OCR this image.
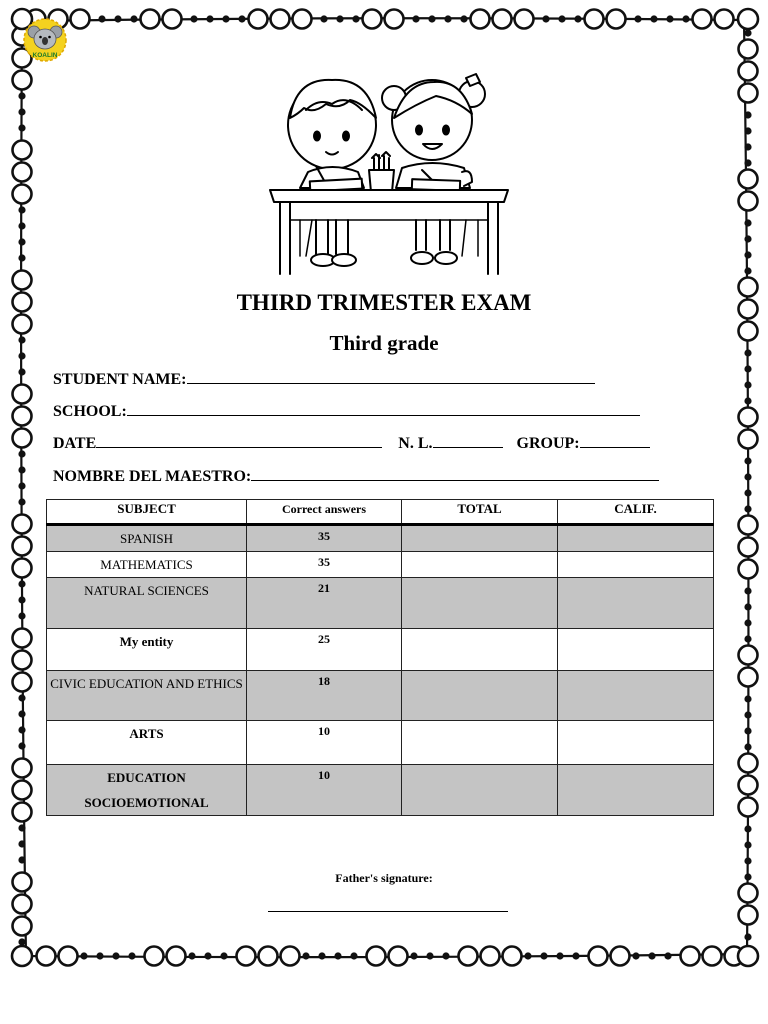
KOALIN
THIRD TRIMESTER EXAM
Third grade
STUDENT NAME:
SCHOOL:
DATE	N. L.	GROUP:
NOMBRE DEL MAESTRO:
SUBJECT	Correct answers	TOTAL	CALIF.
SPANISH	35		
MATHEMATICS	35		
NATURAL SCIENCES	21		
My entity	25		
CIVIC EDUCATION AND ETHICS	18		
ARTS	10		
EDUCATION SOCIOEMOTIONAL	10		
Father's signature:
